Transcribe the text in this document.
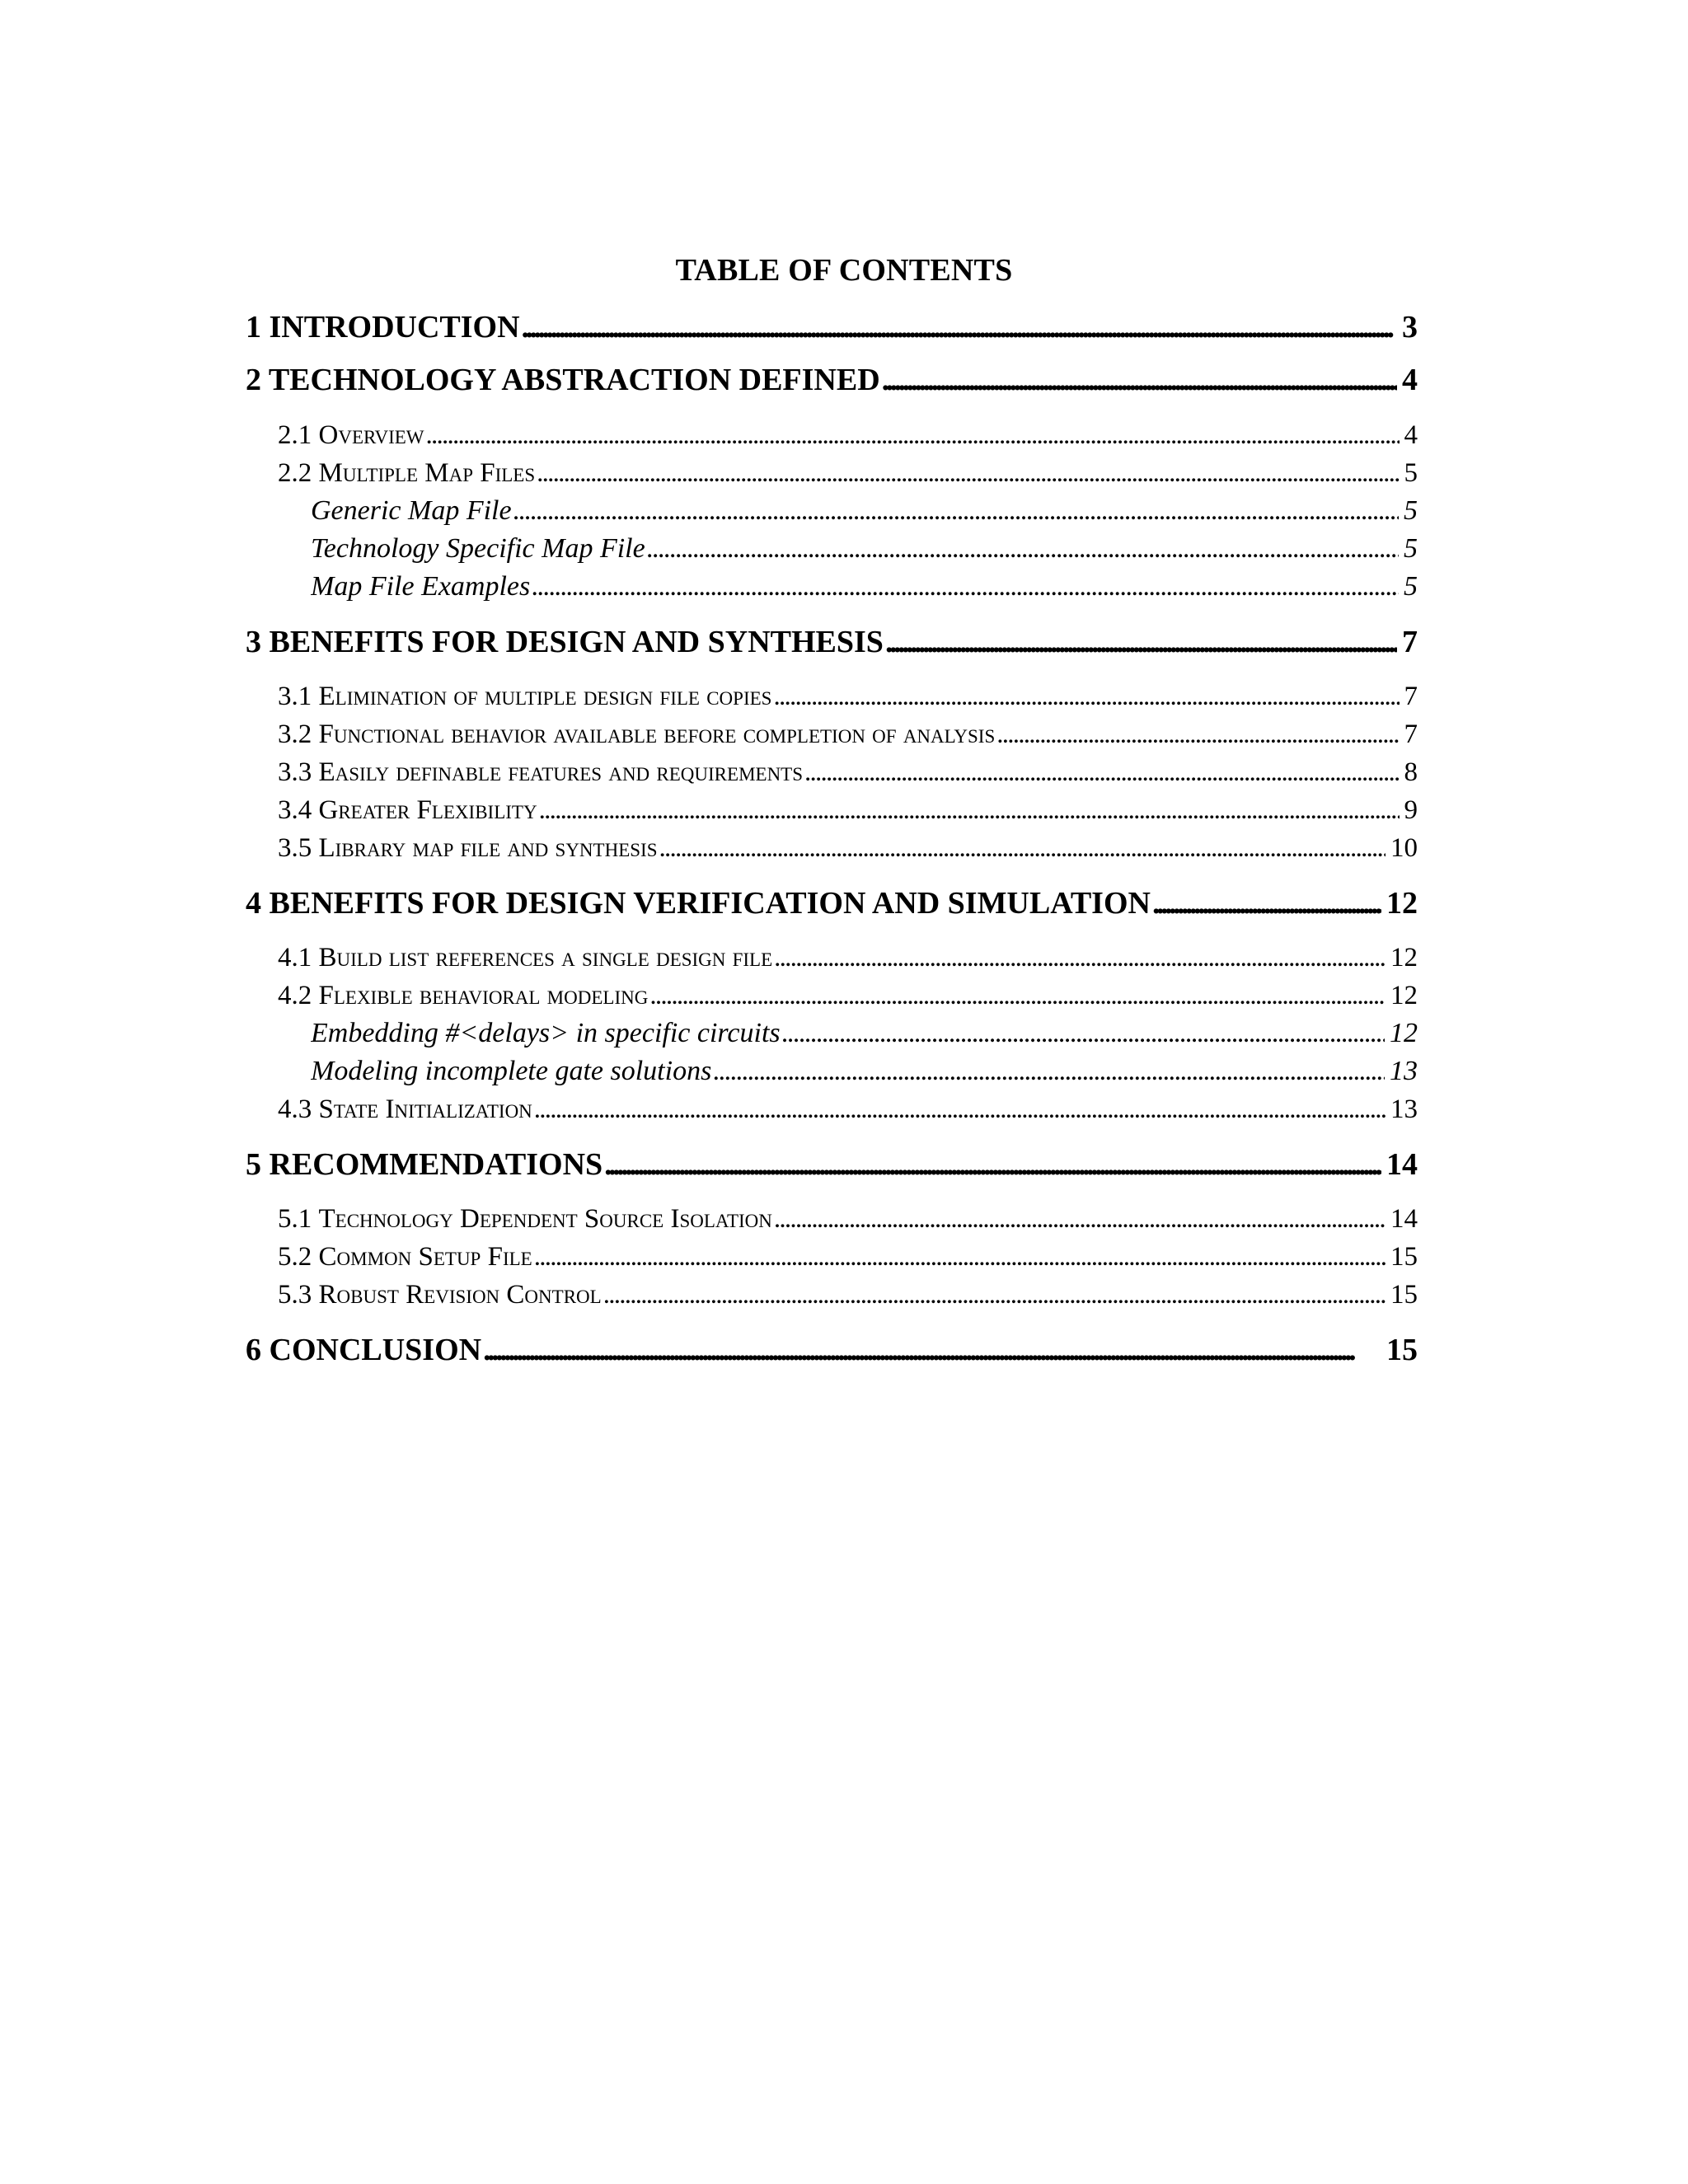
TABLE OF CONTENTS
1 INTRODUCTION . . .	3
2 TECHNOLOGY ABSTRACTION DEFINED . . .	4
2.1 Overview . . .	4
2.2 Multiple Map Files . . .	5
Generic Map File . . .	5
Technology Specific Map File . . .	5
Map File Examples . . .	5
3 BENEFITS FOR DESIGN AND SYNTHESIS . . .	7
3.1 Elimination of multiple design file copies . . .	7
3.2 Functional behavior available before completion of analysis . . .	7
3.3 Easily definable features and requirements . . .	8
3.4 Greater Flexibility . . .	9
3.5 Library map file and synthesis . . .	10
4 BENEFITS FOR DESIGN VERIFICATION AND SIMULATION . . .	12
4.1 Build list references a single design file . . .	12
4.2 Flexible behavioral modeling . . .	12
Embedding #<delays> in specific circuits . . .	12
Modeling incomplete gate solutions . . .	13
4.3 State Initialization . . .	13
5 RECOMMENDATIONS . . .	14
5.1 Technology Dependent Source Isolation . . .	14
5.2 Common Setup File . . .	15
5.3 Robust Revision Control . . .	15
6 CONCLUSION . . .	15
